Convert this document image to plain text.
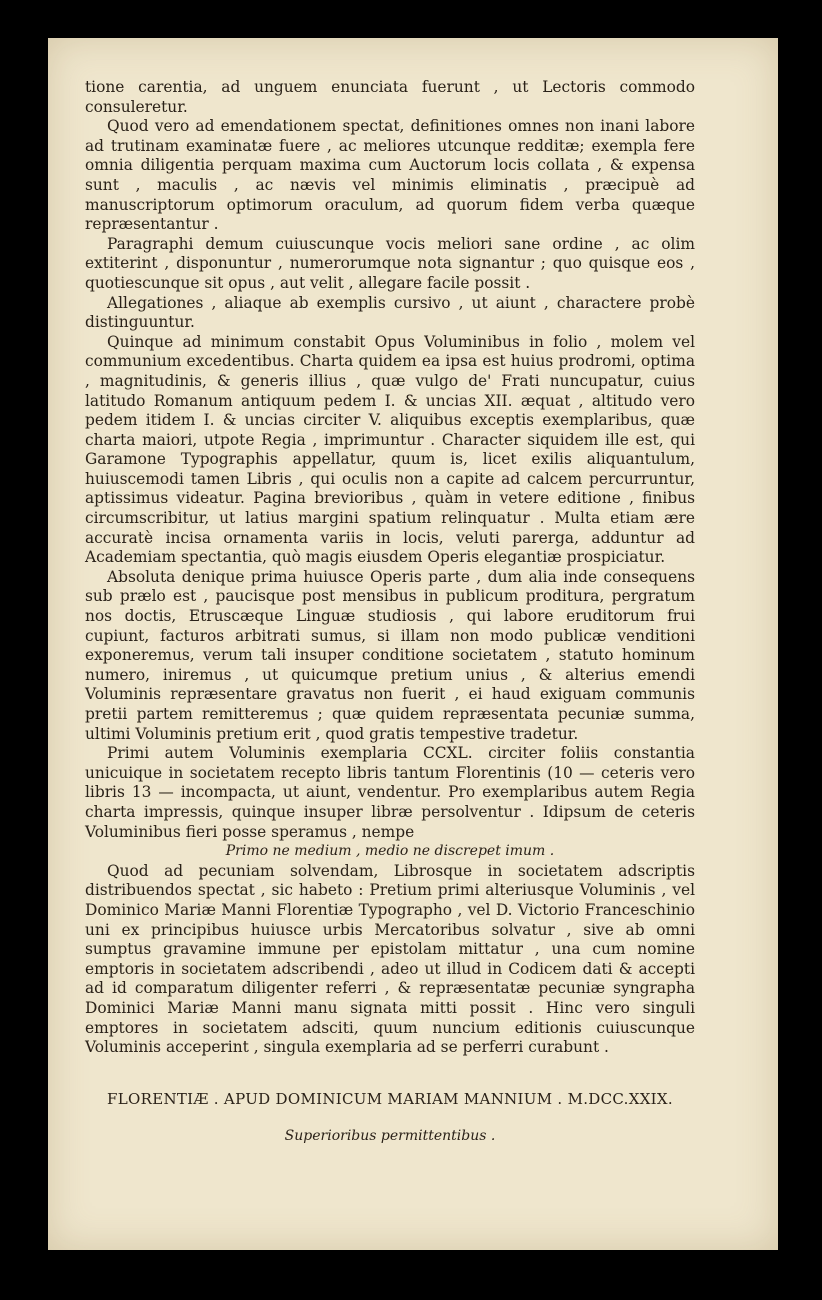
tione carentia, ad unguem enunciata fuerunt , ut Lectoris commodo consuleretur.

Quod vero ad emendationem spectat, definitiones omnes non inani labore ad trutinam examinatæ fuere , ac meliores utcunque redditæ; exempla fere omnia diligentia perquam maxima cum Auctorum locis collata , & expensa sunt , maculis , ac nævis vel minimis eliminatis , præcipuè ad manuscriptorum optimorum oraculum, ad quorum fidem verba quæque repræsentantur .

Paragraphi demum cuiuscunque vocis meliori sane ordine , ac olim extiterint , disponuntur , numerorumque nota signantur ; quo quisque eos , quotiescunque sit opus , aut velit , allegare facile possit .

Allegationes , aliaque ab exemplis cursivo , ut aiunt , charactere probè distinguuntur.

Quinque ad minimum constabit Opus Voluminibus in folio , molem vel communium excedentibus. Charta quidem ea ipsa est huius prodromi, optima , magnitudinis, & generis illius , quæ vulgo de' Frati nuncupatur, cuius latitudo Romanum antiquum pedem I. & uncias XII. æquat , altitudo vero pedem itidem I. & uncias circiter V. aliquibus exceptis exemplaribus, quæ charta maiori, utpote Regia , imprimuntur . Character siquidem ille est, qui Garamone Typographis appellatur, quum is, licet exilis aliquantulum, huiuscemodi tamen Libris , qui oculis non a capite ad calcem percurruntur, aptissimus videatur. Pagina brevioribus , quàm in vetere editione , finibus circumscribitur, ut latius margini spatium relinquatur . Multa etiam ære accuratè incisa ornamenta variis in locis, veluti parerga, adduntur ad Academiam spectantia, quò magis eiusdem Operis elegantiæ prospiciatur.

Absoluta denique prima huiusce Operis parte , dum alia inde consequens sub prælo est , paucisque post mensibus in publicum proditura, pergratum nos doctis, Etruscæque Linguæ studiosis , qui labore eruditorum frui cupiunt, facturos arbitrati sumus, si illam non modo publicæ venditioni exponeremus, verum tali insuper conditione societatem , statuto hominum numero, iniremus , ut quicumque pretium unius , & alterius emendi Voluminis repræsentare gravatus non fuerit , ei haud exiguam communis pretii partem remitteremus ; quæ quidem repræsentata pecuniæ summa, ultimi Voluminis pretium erit , quod gratis tempestive tradetur.

Primi autem Voluminis exemplaria CCXL. circiter foliis constantia unicuique in societatem recepto libris tantum Florentinis (10 — ceteris vero libris 13 — incompacta, ut aiunt, vendentur. Pro exemplaribus autem Regia charta impressis, quinque insuper libræ persolventur . Idipsum de ceteris Voluminibus fieri posse speramus , nempe

Primo ne medium , medio ne discrepet imum .

Quod ad pecuniam solvendam, Librosque in societatem adscriptis distribuendos spectat , sic habeto : Pretium primi alteriusque Voluminis , vel Dominico Mariæ Manni Florentiæ Typographo , vel D. Victorio Franceschinio uni ex principibus huiusce urbis Mercatoribus solvatur , sive ab omni sumptus gravamine immune per epistolam mittatur , una cum nomine emptoris in societatem adscribendi , adeo ut illud in Codicem dati & accepti ad id comparatum diligenter referri , & repræsentatæ pecuniæ syngrapha Dominici Mariæ Manni manu signata mitti possit . Hinc vero singuli emptores in societatem adsciti, quum nuncium editionis cuiuscunque Voluminis acceperint , singula exemplaria ad se perferri curabunt .

FLORENTIÆ . APUD DOMINICUM MARIAM MANNIUM . M.DCC.XXIX.
Superioribus permittentibus .
